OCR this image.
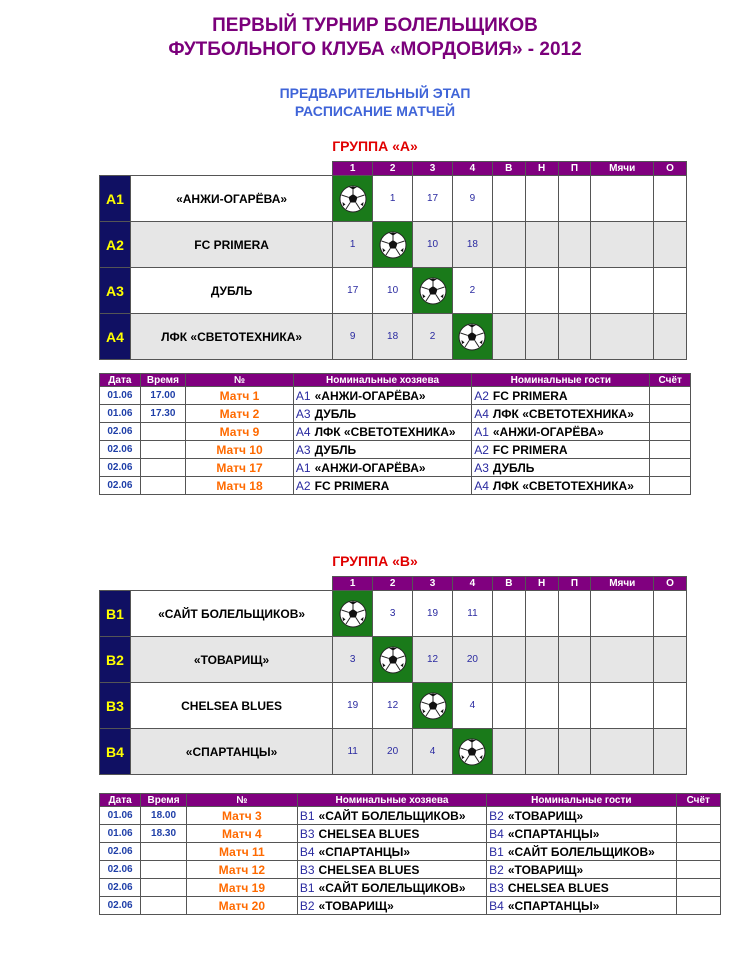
ПЕРВЫЙ ТУРНИР БОЛЕЛЬЩИКОВ
ФУТБОЛЬНОГО КЛУБА «МОРДОВИЯ» - 2012
ПРЕДВАРИТЕЛЬНЫЙ ЭТАП
РАСПИСАНИЕ МАТЧЕЙ
ГРУППА «А»
		1	2	3	4	В	Н	П	Мячи	О
А1	«АНЖИ-ОГАРЁВА»		1	17	9					
А2	FC PRIMERA	1		10	18					
А3	ДУБЛЬ	17	10		2					
А4	ЛФК «СВЕТОТЕХНИКА»	9	18	2	

Дата	Время	№	Номинальные хозяева	Номинальные гости	Счёт
01.06	17.00	Матч 1	А1 «АНЖИ-ОГАРЁВА»	А2 FC PRIMERA	
01.06	17.30	Матч 2	А3 ДУБЛЬ	А4 ЛФК «СВЕТОТЕХНИКА»	
02.06		Матч 9	А4 ЛФК «СВЕТОТЕХНИКА»	А1 «АНЖИ-ОГАРЁВА»	
02.06		Матч 10	А3 ДУБЛЬ	А2 FC PRIMERA	
02.06		Матч 17	А1 «АНЖИ-ОГАРЁВА»	А3 ДУБЛЬ	
02.06		Матч 18	А2 FC PRIMERA	А4 ЛФК «СВЕТОТЕХНИКА»	
ГРУППА «В»
		1	2	3	4	В	Н	П	Мячи	О
В1	«САЙТ БОЛЕЛЬЩИКОВ»		3	19	11					
В2	«ТОВАРИЩ»	3		12	20					
В3	CHELSEA BLUES	19	12		4					
В4	«СПАРТАНЦЫ»	11	20	4	

Дата	Время	№	Номинальные хозяева	Номинальные гости	Счёт
01.06	18.00	Матч 3	В1 «САЙТ БОЛЕЛЬЩИКОВ»	В2 «ТОВАРИЩ»	
01.06	18.30	Матч 4	В3 CHELSEA BLUES	В4 «СПАРТАНЦЫ»	
02.06		Матч 11	В4 «СПАРТАНЦЫ»	В1 «САЙТ БОЛЕЛЬЩИКОВ»	
02.06		Матч 12	В3 CHELSEA BLUES	В2 «ТОВАРИЩ»	
02.06		Матч 19	В1 «САЙТ БОЛЕЛЬЩИКОВ»	В3 CHELSEA BLUES	
02.06		Матч 20	В2 «ТОВАРИЩ»	В4 «СПАРТАНЦЫ»	
